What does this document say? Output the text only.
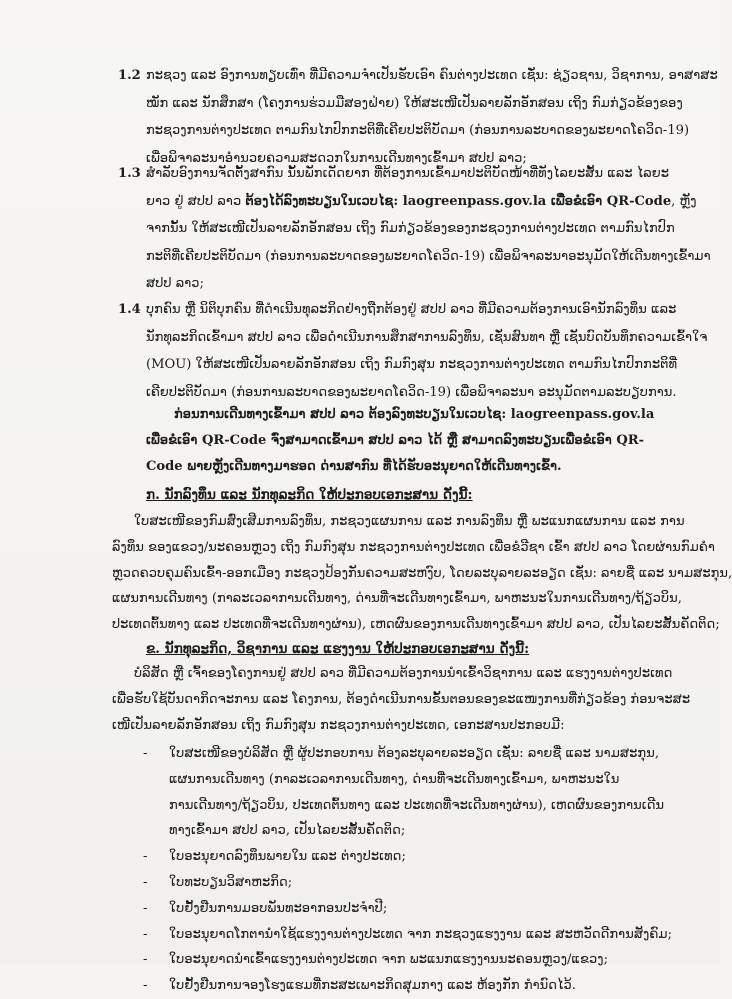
1.2 ກະຊວງ ແລະ ອົງການທຽບເທົ່າ ທີ່ມີຄວາມຈຳເປັນຮັບເອົາ ຄົນຕ່າງປະເທດ ເຊັ່ນ: ຊ່ຽວຊານ, ວິຊາການ, ອາສາສະ
ໝັກ ແລະ ນັກສຶກສາ (ໂຄງການຮ່ວມມືສອງຝ່າຍ) ໃຫ້ສະເໜີເປັນລາຍລັກອັກສອນ ເຖິງ ກົມກ່ຽວຂ້ອງຂອງ
ກະຊວງການຕ່າງປະເທດ ຕາມກົນໄກປົກກະຕິທີ່ເຄີຍປະຕິບັດມາ (ກ່ອນການລະບາດຂອງພະຍາດໂຄວິດ-19)
ເພື່ອພິຈາລະນາອຳນວຍຄວາມສະດວກໃນການເດີນທາງເຂົ້າມາ ສປປ ລາວ;
1.3 ສຳລັບອົງການຈັດຕັ້ງສາກົນ ນັ້ນພັກເດັດຍາກ ທີ່ຕ້ອງການເຂົ້າມາປະຕິບັດໜ້າທີ່ທັງໄລຍະສັ້ນ ແລະ ໄລຍະ
ຍາວ ຢູ່ ສປປ ລາວ ຕ້ອງໄດ້ລົງທະບຽນໃນເວບໄຊ: laogreenpass.gov.la ເພື່ອຂໍເອົາ QR-Code, ຫຼັງ
ຈາກນັ້ນ ໃຫ້ສະເໜີເປັນລາຍລັກອັກສອນ ເຖິງ ກົມກ່ຽວຂ້ອງຂອງກະຊວງການຕ່າງປະເທດ ຕາມກົນໄກປົກ
ກະຕິທີ່ເຄີຍປະຕິບັດມາ (ກ່ອນການລະບາດຂອງພະຍາດໂຄວິດ-19) ເພື່ອພິຈາລະນາອະນຸມັດໃຫ້ເດີນທາງເຂົ້າມາ
ສປປ ລາວ;
1.4 ບຸກຄົນ ຫຼື ນິຕິບຸກຄົນ ທີ່ດຳເນີນທຸລະກິດຢ່າງຖືກຕ້ອງຢູ່ ສປປ ລາວ ທີ່ມີຄວາມຕ້ອງການເອົານັກລົງທຶນ ແລະ
ນັກທຸລະກິດເຂົ້າມາ ສປປ ລາວ ເພື່ອດຳເນີນການສຶກສາການລົງທຶນ, ເຊັ່ນສົນທາ ຫຼື ເຊັນບົດບັນທຶກຄວາມເຂົ້າໃຈ
(MOU) ໃຫ້ສະເໜີເປັນລາຍລັກອັກສອນ ເຖິງ ກົມກົງສຸນ ກະຊວງການຕ່າງປະເທດ ຕາມກົນໄກປົກກະຕິທີ່
ເຄີຍປະຕິບັດມາ (ກ່ອນການລະບາດຂອງພະຍາດໂຄວິດ-19) ເພື່ອພິຈາລະນາ ອະນຸມັດຕາມລະບຽບການ.
ກ່ອນການເດີນທາງເຂົ້າມາ ສປປ ລາວ ຕ້ອງລົງທະບຽນໃນເວບໄຊ: laogreenpass.gov.la
ເພື່ອຂໍເອົາ QR-Code ຈົ່ງສາມາດເຂົ້າມາ ສປປ ລາວ ໄດ້ ຫຼື ສາມາດລົງທະບຽນເພື່ອຂໍເອົາ QR-
Code ພາຍຫຼັງເດີນທາງມາຮອດ ດ່ານສາກົນ ທີ່ໄດ້ຮັບອະນຸຍາດໃຫ້ເດີນທາງເຂົ້າ.
ກ. ນັກລົງທຶນ ແລະ ນັກທຸລະກິດ ໃຫ້ປະກອບເອກະສານ ດັ່ງນີ້:
ໃບສະເໜີຂອງກົມສົ່ງເສີມການລົງທຶນ, ກະຊວງແຜນການ ແລະ ການລົງທຶນ ຫຼື ພະແນກແຜນການ ແລະ ການ
ລົງທຶນ ຂອງແຂວງ/ນະຄອນຫຼວງ ເຖິງ ກົມກົງສຸນ ກະຊວງການຕ່າງປະເທດ ເພື່ອຂໍວີຊາ ເຂົ້າ ສປປ ລາວ ໂດຍຜ່ານກົມຄຳ
ຫຼວດຄວບຄຸມຄົນເຂົ້າ-ອອກເມືອງ ກະຊວງປ້ອງກັນຄວາມສະຫງົບ, ໂດຍລະບຸລາຍລະອຽດ ເຊັ່ນ: ລາຍຊື່ ແລະ ນາມສະກຸນ,
ແຜນການເດີນທາງ (ກາລະເວລາການເດີນທາງ, ດ່ານທີ່ຈະເດີນທາງເຂົ້າມາ, ພາຫະນະໃນການເດີນທາງ/ຖ້ຽວບິນ,
ປະເທດຕົ້ນທາງ ແລະ ປະເທດທີ່ຈະເດີນທາງຜ່ານ), ເຫດຜົນຂອງການເດີນທາງເຂົ້າມາ ສປປ ລາວ, ເປັນໄລຍະສັ້ນຄັດຕິດ;
ຂ. ນັກທຸລະກິດ, ວິຊາການ ແລະ ແຮງງານ ໃຫ້ປະກອບເອກະສານ ດັ່ງນີ້:
ບໍລິສັດ ຫຼື ເຈົ້າຂອງໂຄງການຢູ່ ສປປ ລາວ ທີ່ມີຄວາມຕ້ອງການນຳເຂົ້າວິຊາການ ແລະ ແຮງງານຕ່າງປະເທດ
ເພື່ອຮັບໃຊ້ບັນດາກິດຈະການ ແລະ ໂຄງການ, ຕ້ອງດຳເນີນການຂັ້ນຕອນຂອງຂະແໜງການທີ່ກ່ຽວຂ້ອງ ກ່ອນຈະສະ
ເໜີເປັນລາຍລັກອັກສອນ ເຖິງ ກົມກົງສຸນ ກະຊວງການຕ່າງປະເທດ, ເອກະສານປະກອບມີ:
- ໃບສະເໜີຂອງບໍລິສັດ ຫຼື ຜູ້ປະກອບການ ຕ້ອງລະບຸລາຍລະອຽດ ເຊັ່ນ: ລາຍຊື່ ແລະ ນາມສະກຸນ,
ແຜນການເດີນທາງ (ກາລະເວລາການເດີນທາງ, ດ່ານທີ່ຈະເດີນທາງເຂົ້າມາ, ພາຫະນະໃນ
ການເດີນທາງ/ຖ້ຽວບິນ, ປະເທດຕົ້ນທາງ ແລະ ປະເທດທີ່ຈະເດີນທາງຜ່ານ), ເຫດຜົນຂອງການເດີນ
ທາງເຂົ້າມາ ສປປ ລາວ, ເປັນໄລຍະສັ້ນຄັດຕິດ;
- ໃບອະນຸຍາດລົງທຶນພາຍໃນ ແລະ ຕ່າງປະເທດ;
- ໃບທະບຽນວິສາຫະກິດ;
- ໃບຢັ້ງຢືນການມອບພັນທະອາກອນປະຈຳປີ;
- ໃບອະນຸຍາດໂກຕານຳໃຊ້ແຮງງານຕ່າງປະເທດ ຈາກ ກະຊວງແຮງງານ ແລະ ສະຫວັດດີການສັງຄົມ;
- ໃບອະນຸຍາດນຳເຂົ້າແຮງງານຕ່າງປະເທດ ຈາກ ພະແນກແຮງງານນະຄອນຫຼວງ/ແຂວງ;
- ໃບຢັ້ງຢືນການຈອງໂຮງແຮມທີ່ກະສະເພາະກິດສຸມກາງ ແລະ ຫ້ອງກັກ ກຳນົດໄວ້.
